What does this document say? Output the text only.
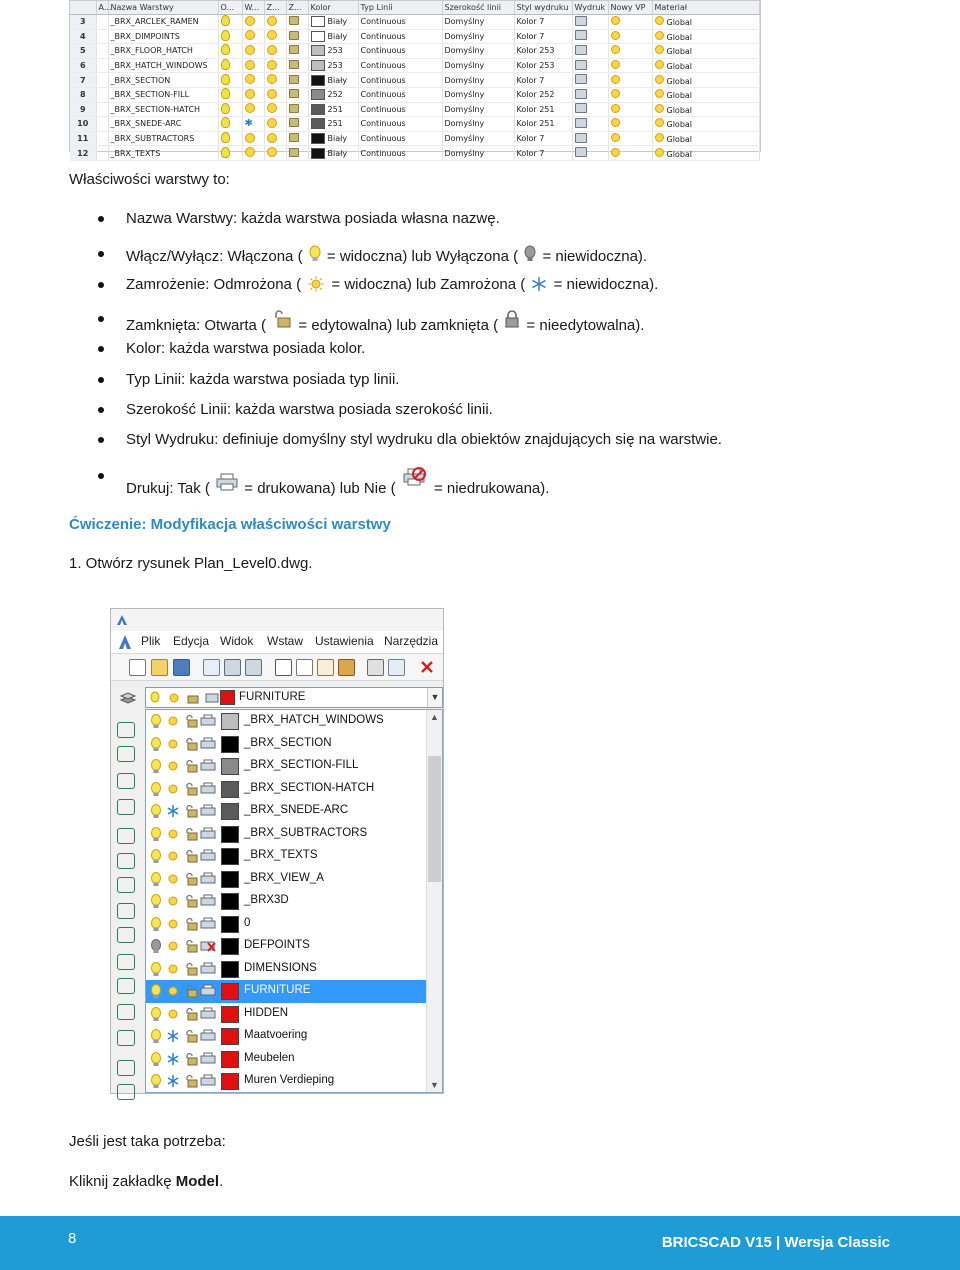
	A...	Nazwa Warstwy	O...	W...	Z...	Z...	Kolor	Typ Linii	Szerokość linii	Styl wydruku	Wydruk	Nowy VP	Materiał
3		_BRX_ARCLEK_RAMEN					Biały	Continuous	Domyślny	Kolor 7			Global
4		_BRX_DIMPOINTS					Biały	Continuous	Domyślny	Kolor 7			Global
5		_BRX_FLOOR_HATCH					253	Continuous	Domyślny	Kolor 253			Global
6		_BRX_HATCH_WINDOWS					253	Continuous	Domyślny	Kolor 253			Global
7		_BRX_SECTION					Biały	Continuous	Domyślny	Kolor 7			Global
8		_BRX_SECTION-FILL					252	Continuous	Domyślny	Kolor 252			Global
9		_BRX_SECTION-HATCH					251	Continuous	Domyślny	Kolor 251			Global
10		_BRX_SNEDE-ARC		✱			251	Continuous	Domyślny	Kolor 251			Global
11		_BRX_SUBTRACTORS					Biały	Continuous	Domyślny	Kolor 7			Global
12		_BRX_TEXTS					Biały	Continuous	Domyślny	Kolor 7			Global
Właściwości warstwy to:
Nazwa Warstwy: każda warstwa posiada własna nazwę.
Włącz/Wyłącz: Włączona ( = widoczna) lub Wyłączona ( = niewidoczna).
Zamrożenie: Odmrożona ( = widoczna) lub Zamrożona ( = niewidoczna).
Zamknięta: Otwarta ( = edytowalna) lub zamknięta ( = nieedytowalna).
Kolor: każda warstwa posiada kolor.
Typ Linii: każda warstwa posiada typ linii.
Szerokość Linii: każda warstwa posiada szerokość linii.
Styl Wydruku: definiuje domyślny styl wydruku dla obiektów znajdujących się na warstwie.
Drukuj: Tak ( = drukowana) lub Nie (	= niedrukowana).
Ćwiczenie: Modyfikacja właściwości warstwy
1. Otwórz rysunek Plan_Level0.dwg.
Plik Edycja Widok Wstaw Ustawienia Narzędzia
FURNITURE	▼
_BRX_HATCH_WINDOWS
_BRX_SECTION
_BRX_SECTION-FILL
_BRX_SECTION-HATCH
_BRX_SNEDE-ARC
_BRX_SUBTRACTORS
_BRX_TEXTS
_BRX_VIEW_A
_BRX3D
0
DEFPOINTS
DIMENSIONS
FURNITURE
HIDDEN
Maatvoering
Meubelen
Muren Verdieping
▲
▼
Jeśli jest taka potrzeba:
Kliknij zakładkę Model.
8	BRICSCAD V15 | Wersja Classic
